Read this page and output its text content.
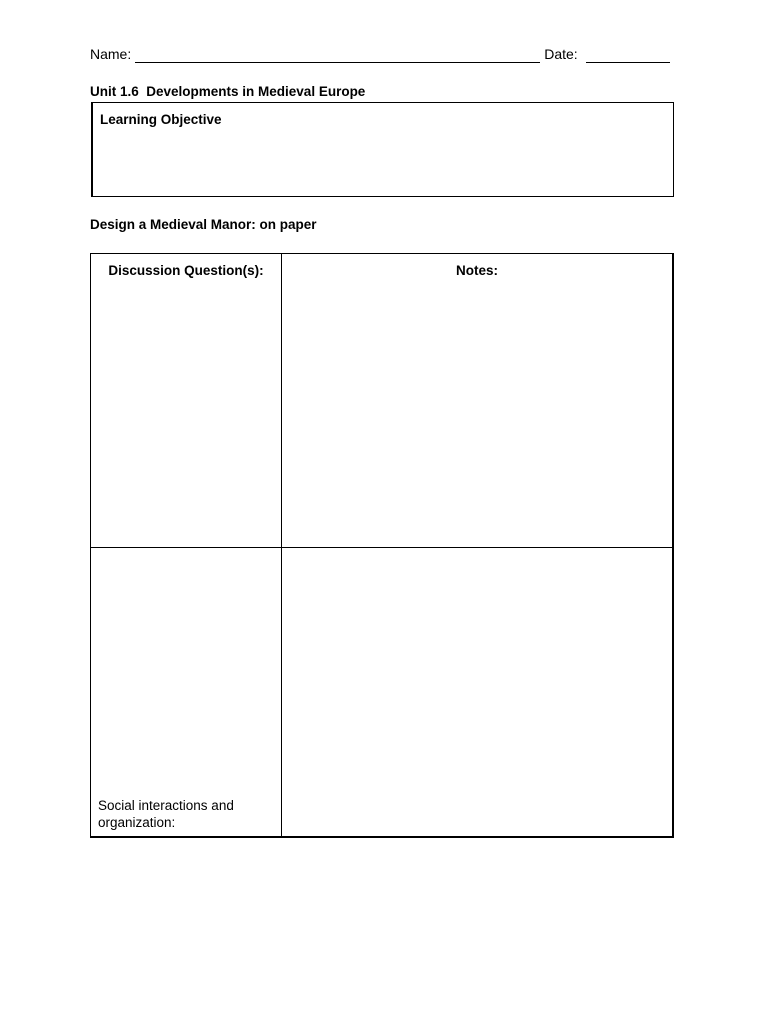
Name:	Date:
Unit 1.6  Developments in Medieval Europe
Learning Objective
Design a Medieval Manor: on paper
Discussion Question(s):	Notes:
Social interactions and organization:
